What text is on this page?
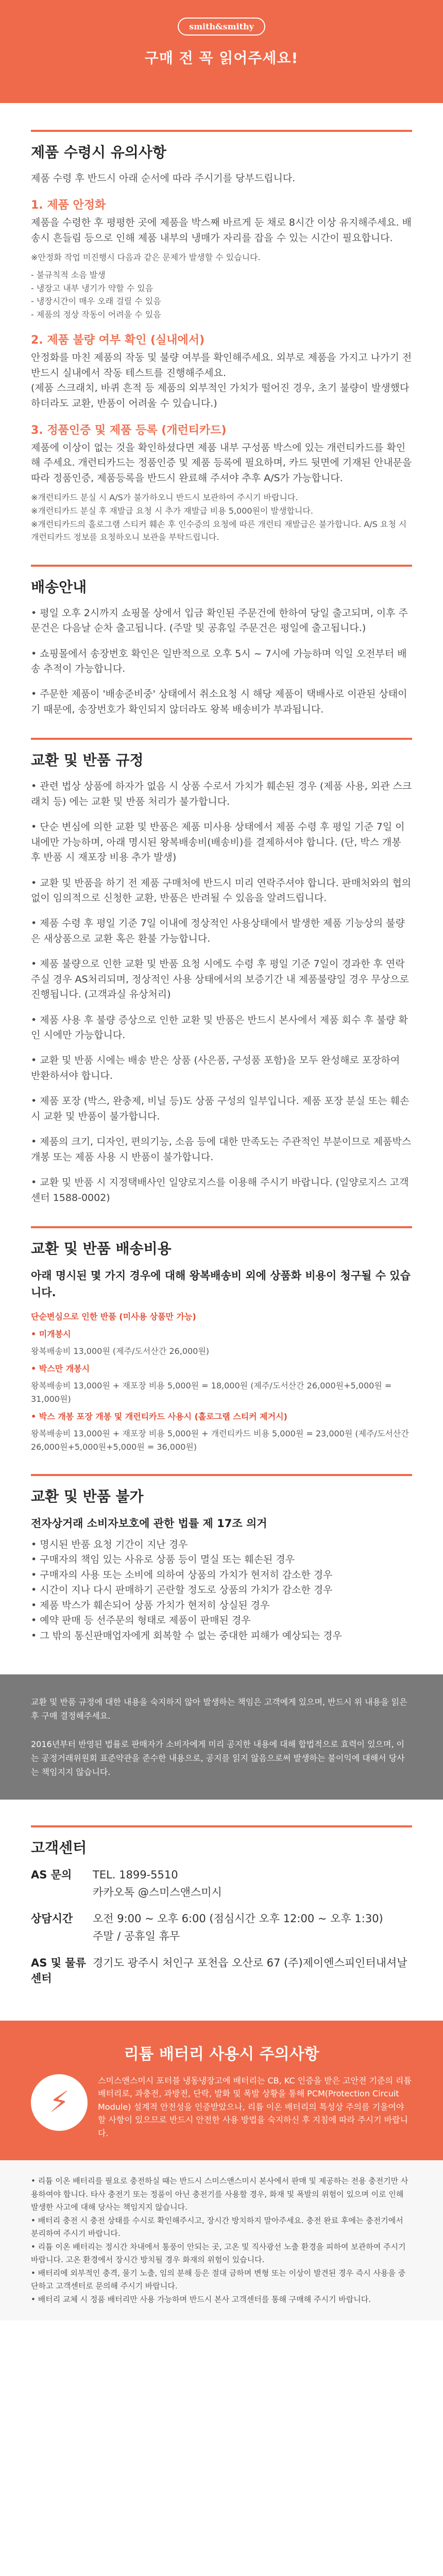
smith&smithy
구매 전 꼭 읽어주세요!
제품 수령시 유의사항

제품 수령 후 반드시 아래 순서에 따라 주시기를 당부드립니다.

1. 제품 안정화

제품을 수령한 후 평평한 곳에 제품을 박스째 바르게 둔 채로 8시간 이상 유지해주세요. 배송시 흔들림 등으로 인해 제품 내부의 냉매가 자리를 잡을 수 있는 시간이 필요합니다.

※안정화 작업 미진행시 다음과 같은 문제가 발생할 수 있습니다.

- 불규칙적 소음 발생
- 냉장고 내부 냉기가 약할 수 있음
- 냉장시간이 매우 오래 걸릴 수 있음
- 제품의 정상 작동이 어려울 수 있음

2. 제품 불량 여부 확인 (실내에서)

안정화를 마친 제품의 작동 및 불량 여부를 확인해주세요. 외부로 제품을 가지고 나가기 전 반드시 실내에서 작동 테스트를 진행해주세요.
(제품 스크래치, 바퀴 흔적 등 제품의 외부적인 가치가 떨어진 경우, 초기 불량이 발생했다 하더라도 교환, 반품이 어려울 수 있습니다.)

3. 정품인증 및 제품 등록 (개런티카드)

제품에 이상이 없는 것을 확인하셨다면 제품 내부 구성품 박스에 있는 개런티카드를 확인해 주세요. 개런티카드는 정품인증 및 제품 등록에 필요하며, 카드 뒷면에 기재된 안내문을 따라 정품인증, 제품등록을 반드시 완료해 주셔야 추후 A/S가 가능합니다.

※개런티카드 분실 시 A/S가 불가하오니 반드시 보관하여 주시기 바랍니다.
※개런티카드 분실 후 재발급 요청 시 추가 재발급 비용 5,000원이 발생합니다.
※개런티카드의 홀로그램 스티커 훼손 후 인수증의 요청에 따른 개런티 재발급은 불가합니다. A/S 요청 시 개런티카드 정보를 요청하오니 보관을 부탁드립니다.

배송안내

• 평일 오후 2시까지 쇼핑몰 상에서 입금 확인된 주문건에 한하여 당일 출고되며, 이후 주문건은 다음날 순차 출고됩니다. (주말 및 공휴일 주문건은 평일에 출고됩니다.)

• 쇼핑몰에서 송장번호 확인은 일반적으로 오후 5시 ~ 7시에 가능하며 익일 오전부터 배송 추적이 가능합니다.

• 주문한 제품이 '배송준비중' 상태에서 취소요청 시 해당 제품이 택배사로 이관된 상태이기 때문에, 송장번호가 확인되지 않더라도 왕복 배송비가 부과됩니다.

교환 및 반품 규정

• 관련 법상 상품에 하자가 없음 시 상품 수로서 가치가 훼손된 경우 (제품 사용, 외관 스크래치 등) 에는 교환 및 반품 처리가 불가합니다.

• 단순 변심에 의한 교환 및 반품은 제품 미사용 상태에서 제품 수령 후 평일 기준 7일 이내에만 가능하며, 아래 명시된 왕복배송비(배송비)를 결제하셔야 합니다. (단, 박스 개봉 후 반품 시 재포장 비용 추가 발생)

• 교환 및 반품을 하기 전 제품 구매처에 반드시 미리 연락주셔야 합니다. 판매처와의 협의없이 임의적으로 신청한 교환, 반품은 반려될 수 있음을 알려드립니다.

• 제품 수령 후 평일 기준 7일 이내에 정상적인 사용상태에서 발생한 제품 기능상의 불량은 새상품으로 교환 혹은 환불 가능합니다.

• 제품 불량으로 인한 교환 및 반품 요청 시에도 수령 후 평일 기준 7일이 경과한 후 연락주실 경우 AS처리되며, 정상적인 사용 상태에서의 보증기간 내 제품불량일 경우 무상으로 진행됩니다. (고객과실 유상처리)

• 제품 사용 후 불량 증상으로 인한 교환 및 반품은 반드시 본사에서 제품 회수 후 불량 확인 시에만 가능합니다.

• 교환 및 반품 시에는 배송 받은 상품 (사은품, 구성품 포함)을 모두 완성해로 포장하여 반환하셔야 합니다.

• 제품 포장 (박스, 완충제, 비닐 등)도 상품 구성의 일부입니다. 제품 포장 분실 또는 훼손시 교환 및 반품이 불가합니다.

• 제품의 크기, 디자인, 편의기능, 소음 등에 대한 만족도는 주관적인 부분이므로 제품박스 개봉 또는 제품 사용 시 반품이 불가합니다.

• 교환 및 반품 시 지정택배사인 일양로지스를 이용해 주시기 바랍니다. (일양로지스 고객센터 1588-0002)

교환 및 반품 배송비용

아래 명시된 몇 가지 경우에 대해 왕복배송비 외에 상품화 비용이 청구될 수 있습니다.

단순변심으로 인한 반품 (미사용 상품만 가능)

• 미개봉시

왕복배송비 13,000원 (제주/도서산간 26,000원)

• 박스만 개봉시

왕복배송비 13,000원 + 재포장 비용 5,000원 = 18,000원 (제주/도서산간 26,000원+5,000원 = 31,000원)

• 박스 개봉 포장 개봉 및 개런티카드 사용시 (홀로그램 스티커 제거시)

왕복배송비 13,000원 + 재포장 비용 5,000원 + 개런티카드 비용 5,000원 = 23,000원 (제주/도서산간 26,000원+5,000원+5,000원 = 36,000원)

교환 및 반품 불가

전자상거래 소비자보호에 관한 법률 제 17조 의거

• 명시된 반품 요청 기간이 지난 경우
• 구매자의 책임 있는 사유로 상품 등이 멸실 또는 훼손된 경우
• 구매자의 사용 또는 소비에 의하여 상품의 가치가 현저히 감소한 경우
• 시간이 지나 다시 판매하기 곤란할 정도로 상품의 가치가 감소한 경우
• 제품 박스가 훼손되어 상품 가치가 현저히 상실된 경우
• 예약 판매 등 선주문의 형태로 제품이 판매된 경우
• 그 밖의 통신판매업자에게 회복할 수 없는 중대한 피해가 예상되는 경우

교환 및 반품 규정에 대한 내용을 숙지하지 않아 발생하는 책임은 고객에게 있으며, 반드시 위 내용을 읽은 후 구매 결정해주세요.

2016년부터 반영된 법률로 판매자가 소비자에게 미리 공지한 내용에 대해 합법적으로 효력이 있으며, 이는 공정거래위원회 표준약관을 준수한 내용으로, 공지를 읽지 않음으로써 발생하는 불이익에 대해서 당사는 책임지지 않습니다.
고객센터
AS 문의	TEL. 1899-5510
카카오톡 @스미스앤스미시
상담시간	오전 9:00 ~ 오후 6:00 (점심시간 오후 12:00 ~ 오후 1:30)
주말 / 공휴일 휴무
AS 및 물류센터
경기도 광주시 처인구 포천읍 오산로 67 (주)제이엔스피인터내셔날
리튬 배터리 사용시 주의사항
⚡
스미스앤스미시 포터블 냉동냉장고에 배터리는 CB, KC 인증을 받은 고안전 기준의 리튬 배터리로, 과충전, 과방전, 단락, 발화 및 폭발 상황을 통해 PCM(Protection Circuit Module) 설계적 안전성을 인증받았으나, 리튬 이온 배터리의 특성상 주의를 기울여야 할 사항이 있으므로 반드시 안전한 사용 방법을 숙지하신 후 지침에 따라 주시기 바랍니다.
• 리튬 이온 배터리를 필요로 충전하실 때는 반드시 스미스앤스미시 본사에서 판매 및 제공하는 전용 충전기만 사용하여야 합니다. 타사 충전기 또는 정품이 아닌 충전기를 사용할 경우, 화재 및 폭발의 위험이 있으며 이로 인해 발생한 사고에 대해 당사는 책임지지 않습니다.
• 배터리 충전 시 충전 상태를 수시로 확인해주시고, 장시간 방치하지 말아주세요. 충전 완료 후에는 충전기에서 분리하여 주시기 바랍니다.
• 리튬 이온 배터리는 정시간 차내에서 통풍이 안되는 곳, 고온 및 직사광선 노출 환경을 피하여 보관하여 주시기 바랍니다. 고온 환경에서 장시간 방치될 경우 화재의 위험이 있습니다.
• 배터리에 외부적인 충격, 물기 노출, 임의 분해 등은 절대 금하며 변형 또는 이상이 발견된 경우 즉시 사용을 중단하고 고객센터로 문의해 주시기 바랍니다.
• 배터리 교체 시 정품 배터리만 사용 가능하며 반드시 본사 고객센터를 통해 구매해 주시기 바랍니다.
